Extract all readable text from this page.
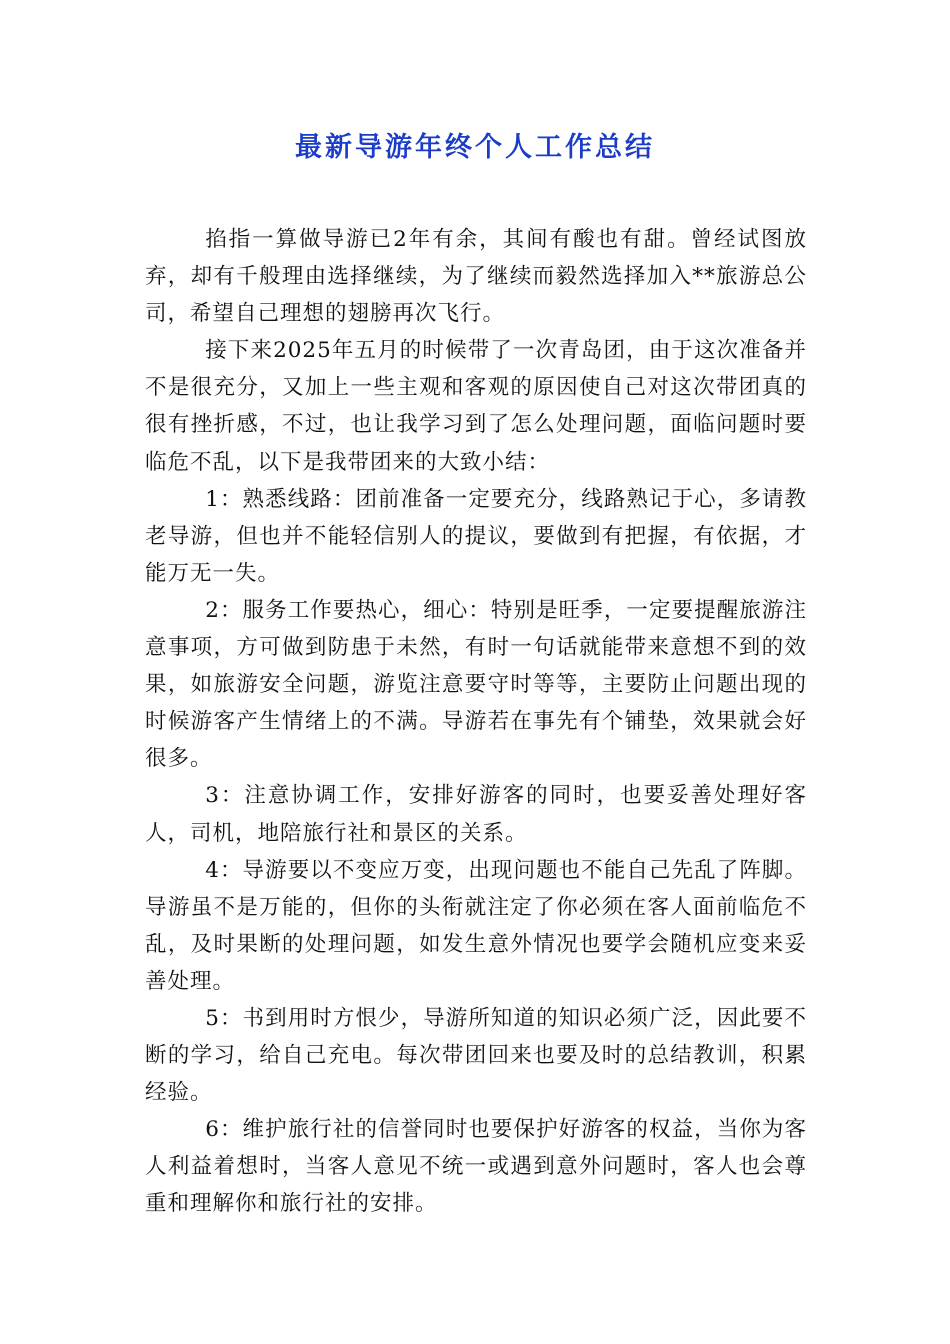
最新导游年终个人工作总结

掐指一算做导游已2年有余，其间有酸也有甜。曾经试图放弃，却有千般理由选择继续，为了继续而毅然选择加入**旅游总公司，希望自己理想的翅膀再次飞行。

接下来2025年五月的时候带了一次青岛团，由于这次准备并不是很充分，又加上一些主观和客观的原因使自己对这次带团真的很有挫折感，不过，也让我学习到了怎么处理问题，面临问题时要临危不乱，以下是我带团来的大致小结：

1：熟悉线路：团前准备一定要充分，线路熟记于心，多请教老导游，但也并不能轻信别人的提议，要做到有把握，有依据，才能万无一失。

2：服务工作要热心，细心：特别是旺季，一定要提醒旅游注意事项，方可做到防患于未然，有时一句话就能带来意想不到的效果，如旅游安全问题，游览注意要守时等等，主要防止问题出现的时候游客产生情绪上的不满。导游若在事先有个铺垫，效果就会好很多。

3：注意协调工作，安排好游客的同时，也要妥善处理好客人，司机，地陪旅行社和景区的关系。

4：导游要以不变应万变，出现问题也不能自己先乱了阵脚。导游虽不是万能的，但你的头衔就注定了你必须在客人面前临危不乱，及时果断的处理问题，如发生意外情况也要学会随机应变来妥善处理。

5：书到用时方恨少，导游所知道的知识必须广泛，因此要不断的学习，给自己充电。每次带团回来也要及时的总结教训，积累经验。

6：维护旅行社的信誉同时也要保护好游客的权益，当你为客人利益着想时，当客人意见不统一或遇到意外问题时，客人也会尊重和理解你和旅行社的安排。
